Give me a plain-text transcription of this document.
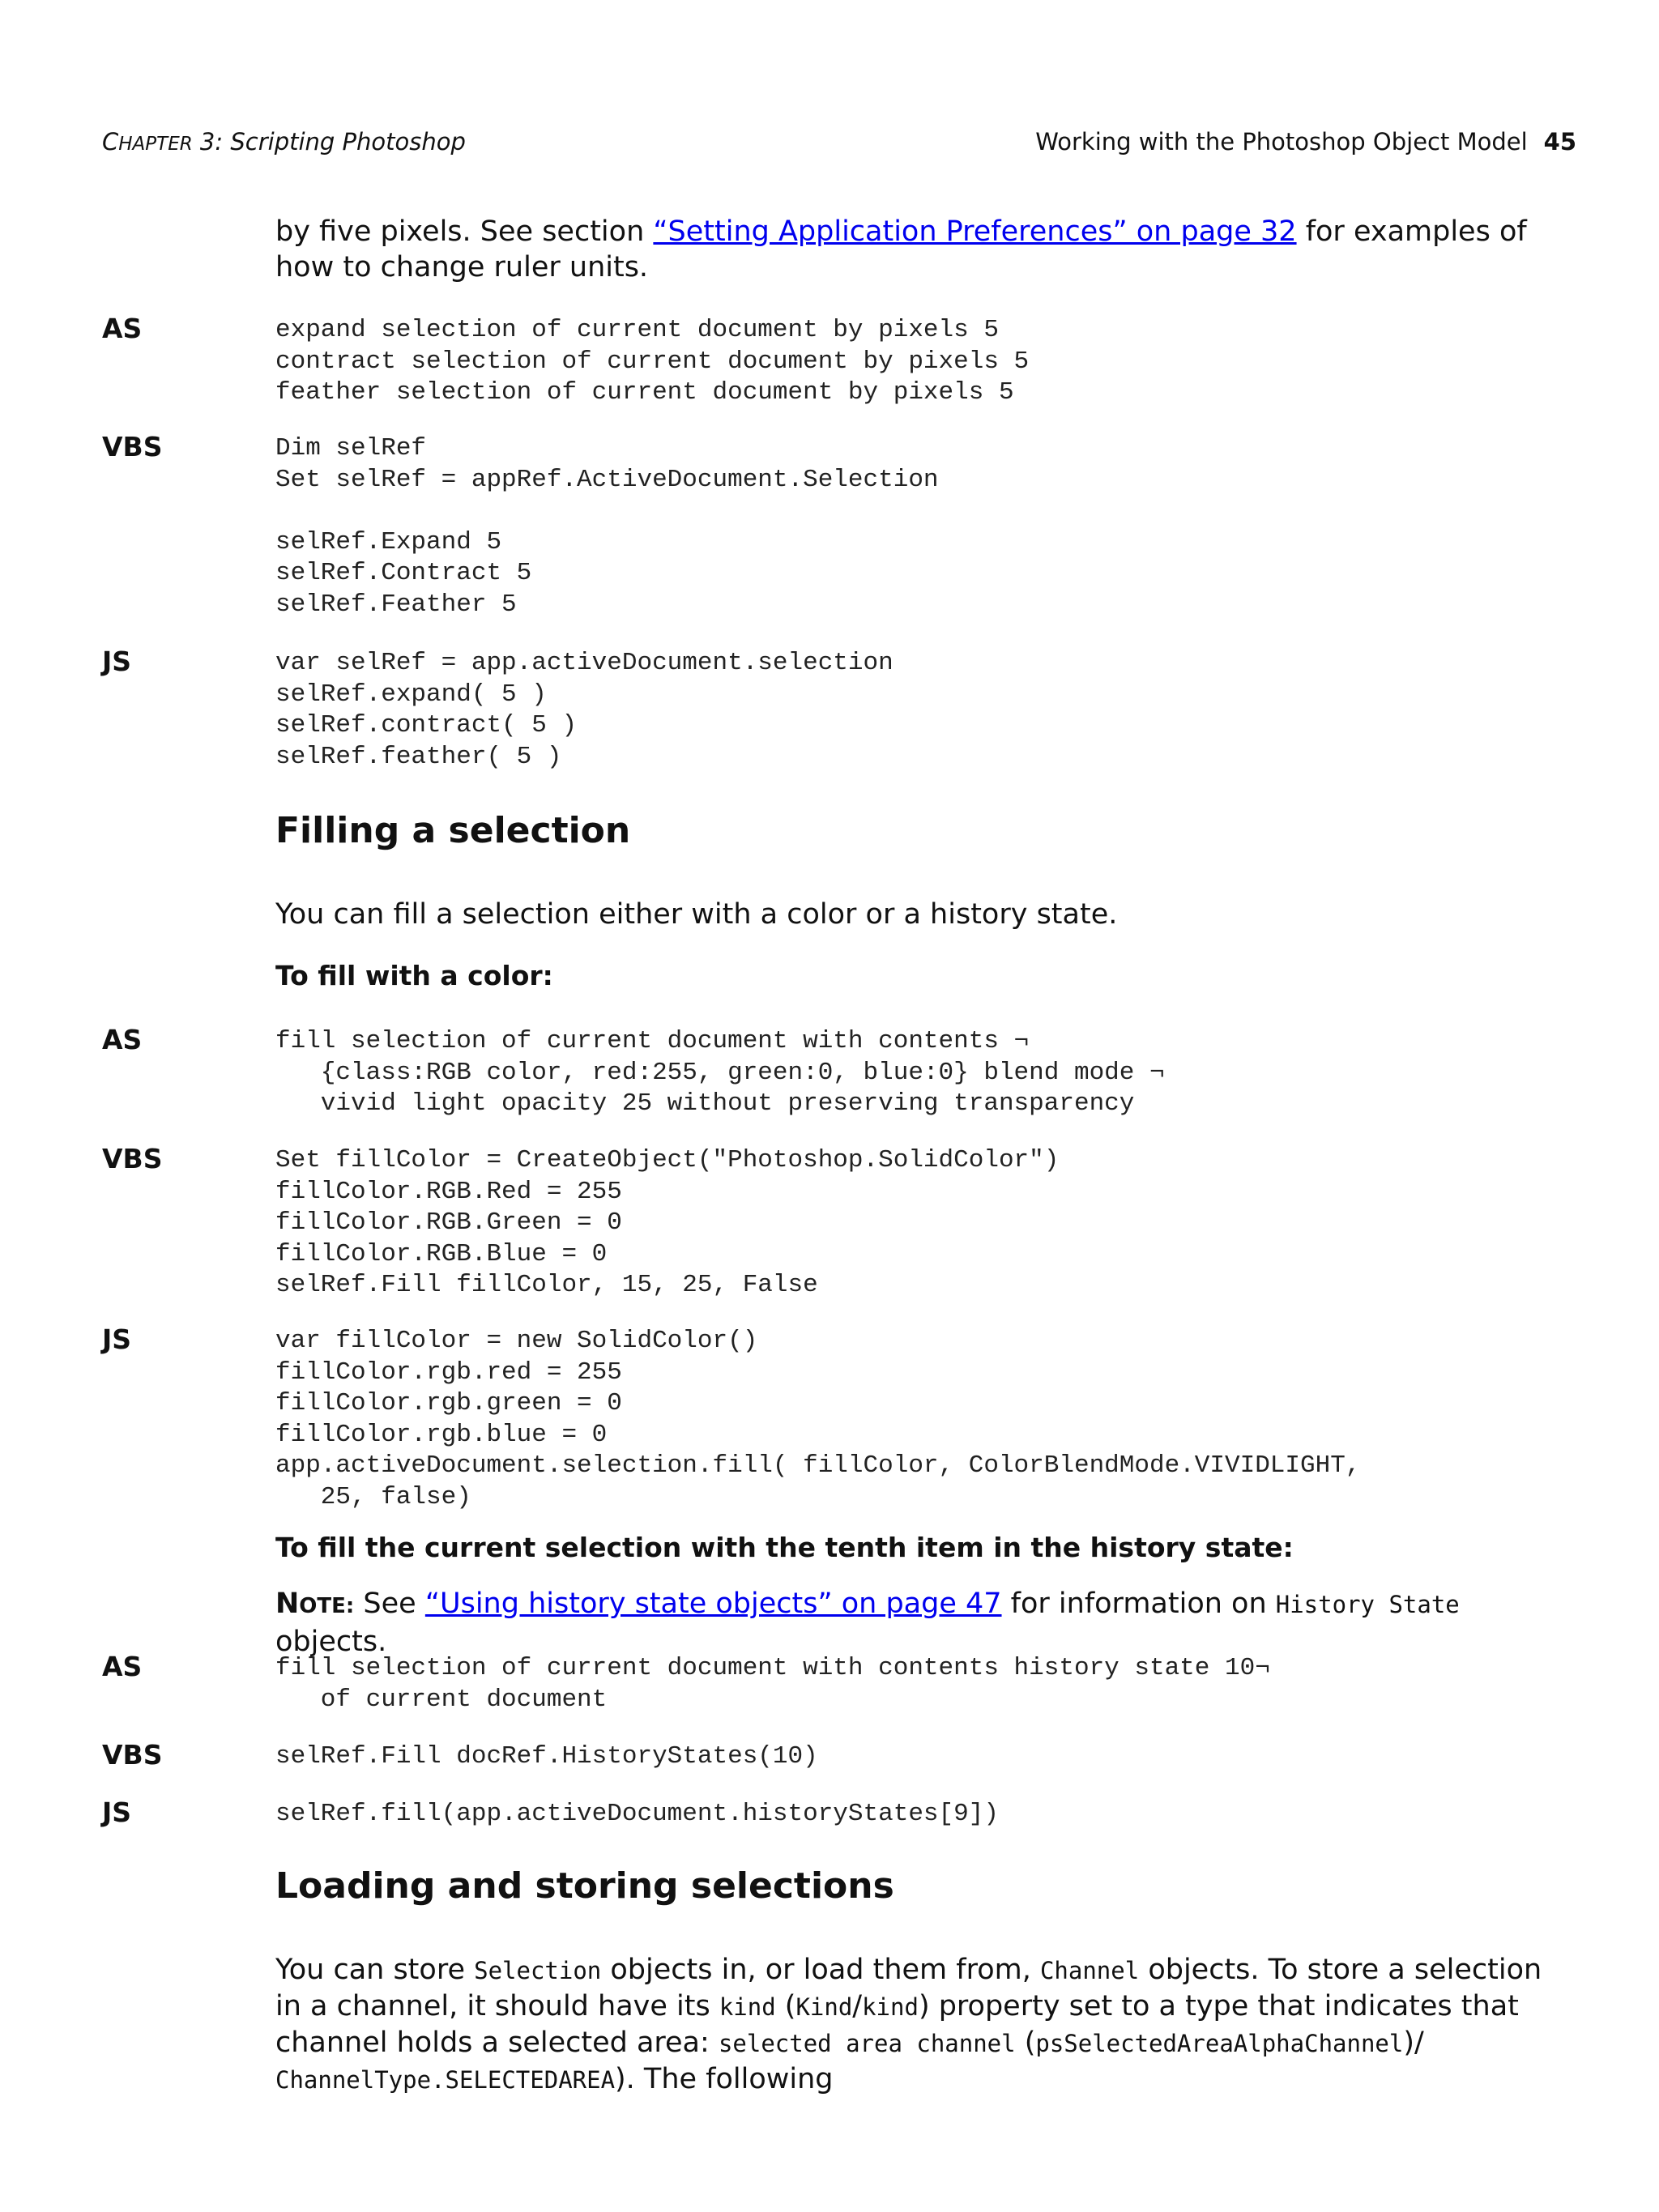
CHAPTER 3: Scripting Photoshop	Working with the Photoshop Object Model 45
by five pixels. See section “Setting Application Preferences” on page 32 for examples of how to change ruler units.
AS	expand selection of current document by pixels 5
contract selection of current document by pixels 5
feather selection of current document by pixels 5
VBS	Dim selRef
Set selRef = appRef.ActiveDocument.Selection

selRef.Expand 5
selRef.Contract 5
selRef.Feather 5
JS	var selRef = app.activeDocument.selection
selRef.expand( 5 )
selRef.contract( 5 )
selRef.feather( 5 )
Filling a selection
You can fill a selection either with a color or a history state.
To fill with a color:
AS	fill selection of current document with contents ¬
{class:RGB color, red:255, green:0, blue:0} blend mode ¬
vivid light opacity 25 without preserving transparency
VBS	Set fillColor = CreateObject("Photoshop.SolidColor")
fillColor.RGB.Red = 255
fillColor.RGB.Green = 0
fillColor.RGB.Blue = 0
selRef.Fill fillColor, 15, 25, False
JS	var fillColor = new SolidColor()
fillColor.rgb.red = 255
fillColor.rgb.green = 0
fillColor.rgb.blue = 0
app.activeDocument.selection.fill( fillColor, ColorBlendMode.VIVIDLIGHT,
25, false)
To fill the current selection with the tenth item in the history state:
NOTE: See “Using history state objects” on page 47 for information on History State objects.
AS	fill selection of current document with contents history state 10¬
of current document
VBS	selRef.Fill docRef.HistoryStates(10)
JS	selRef.fill(app.activeDocument.historyStates[9])
Loading and storing selections
You can store Selection objects in, or load them from, Channel objects. To store a selection in a channel, it should have its kind (Kind/kind) property set to a type that indicates that channel holds a selected area: selected area channel (psSelectedAreaAlphaChannel)/ ChannelType.SELECTEDAREA). The following
